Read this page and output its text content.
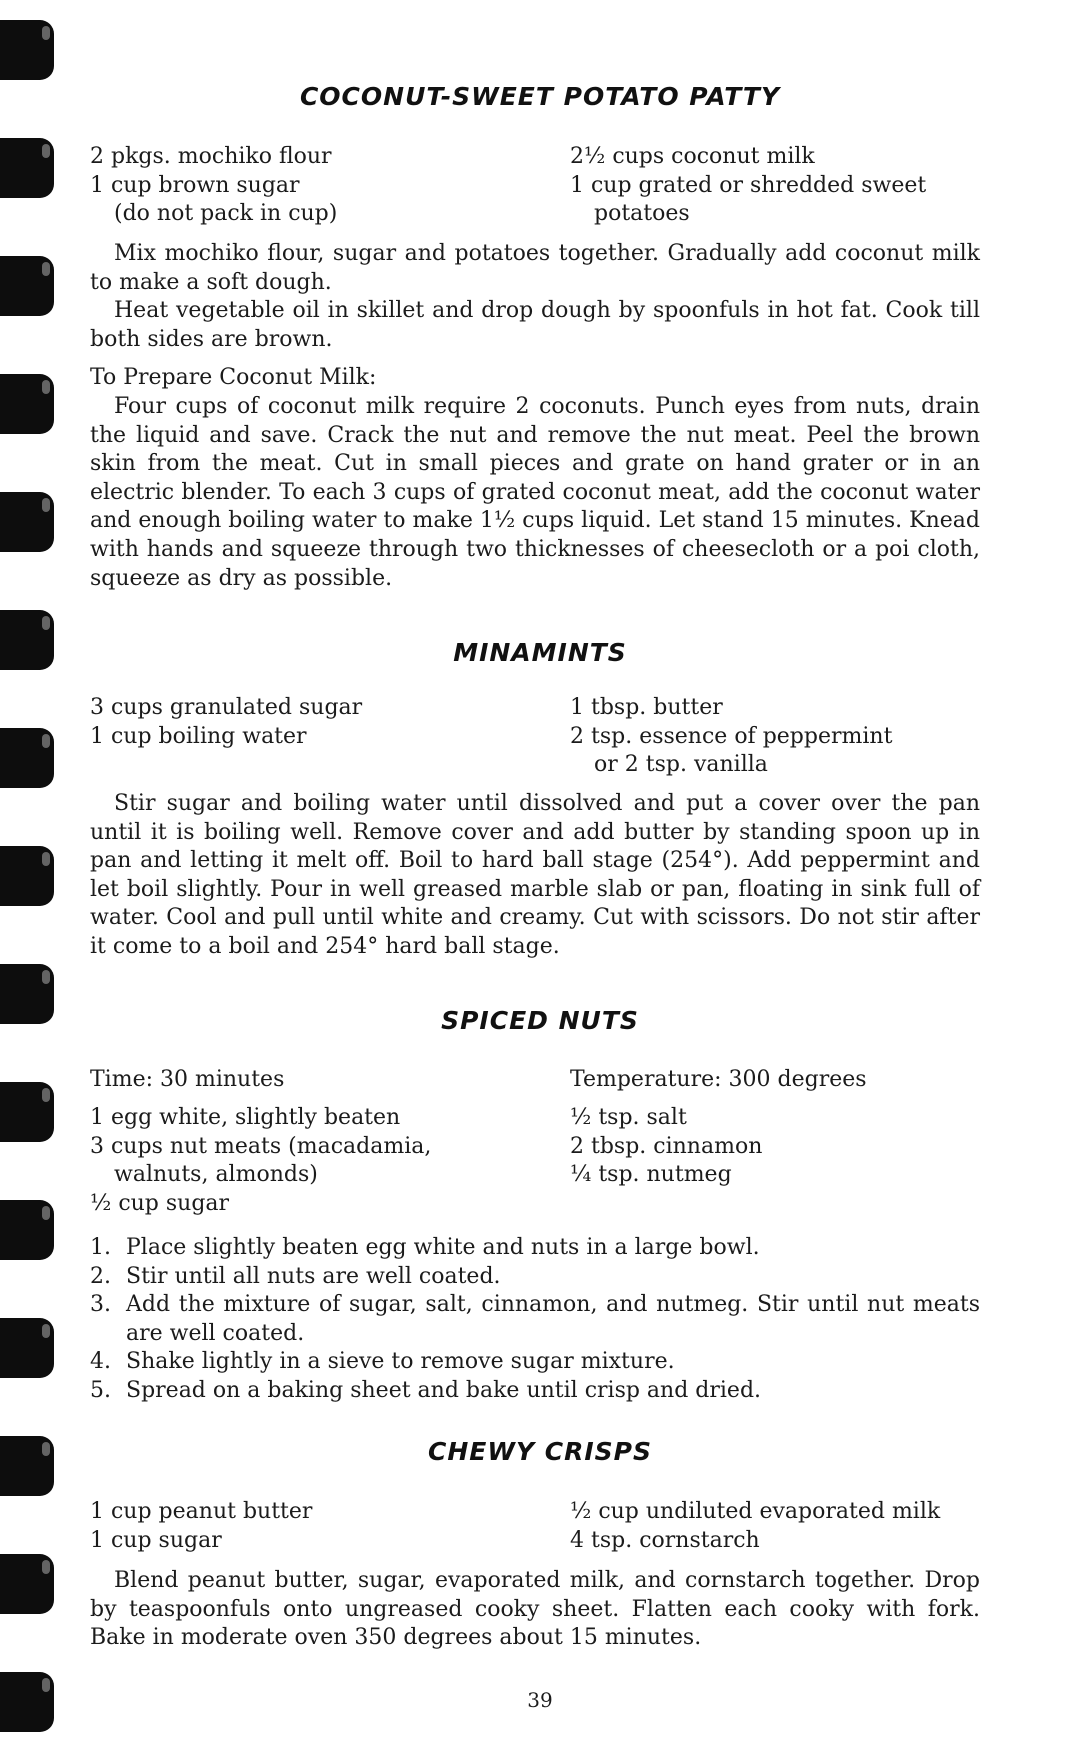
COCONUT-SWEET POTATO PATTY
2 pkgs. mochiko flour
1 cup brown sugar
(do not pack in cup)
2½ cups coconut milk
1 cup grated or shredded sweet
potatoes

Mix mochiko flour, sugar and potatoes together. Gradually add coconut milk to make a soft dough.

Heat vegetable oil in skillet and drop dough by spoonfuls in hot fat. Cook till both sides are brown.

To Prepare Coconut Milk:

Four cups of coconut milk require 2 coconuts. Punch eyes from nuts, drain the liquid and save. Crack the nut and remove the nut meat. Peel the brown skin from the meat. Cut in small pieces and grate on hand grater or in an electric blender. To each 3 cups of grated coconut meat, add the coconut water and enough boiling water to make 1½ cups liquid. Let stand 15 minutes. Knead with hands and squeeze through two thicknesses of cheesecloth or a poi cloth, squeeze as dry as possible.

MINAMINTS
3 cups granulated sugar
1 cup boiling water
1 tbsp. butter
2 tsp. essence of peppermint
or 2 tsp. vanilla

Stir sugar and boiling water until dissolved and put a cover over the pan until it is boiling well. Remove cover and add butter by standing spoon up in pan and letting it melt off. Boil to hard ball stage (254°). Add peppermint and let boil slightly. Pour in well greased marble slab or pan, floating in sink full of water. Cool and pull until white and creamy. Cut with scissors. Do not stir after it come to a boil and 254° hard ball stage.

SPICED NUTS
Time: 30 minutes	Temperature: 300 degrees
1 egg white, slightly beaten
3 cups nut meats (macadamia,
walnuts, almonds)
½ cup sugar
½ tsp. salt
2 tbsp. cinnamon
¼ tsp. nutmeg
1. Place slightly beaten egg white and nuts in a large bowl.
2. Stir until all nuts are well coated.
3. Add the mixture of sugar, salt, cinnamon, and nutmeg. Stir until nut meats are well coated.
4. Shake lightly in a sieve to remove sugar mixture.
5. Spread on a baking sheet and bake until crisp and dried.
CHEWY CRISPS
1 cup peanut butter
1 cup sugar
½ cup undiluted evaporated milk
4 tsp. cornstarch

Blend peanut butter, sugar, evaporated milk, and cornstarch together. Drop by teaspoonfuls onto ungreased cooky sheet. Flatten each cooky with fork. Bake in moderate oven 350 degrees about 15 minutes.

39
